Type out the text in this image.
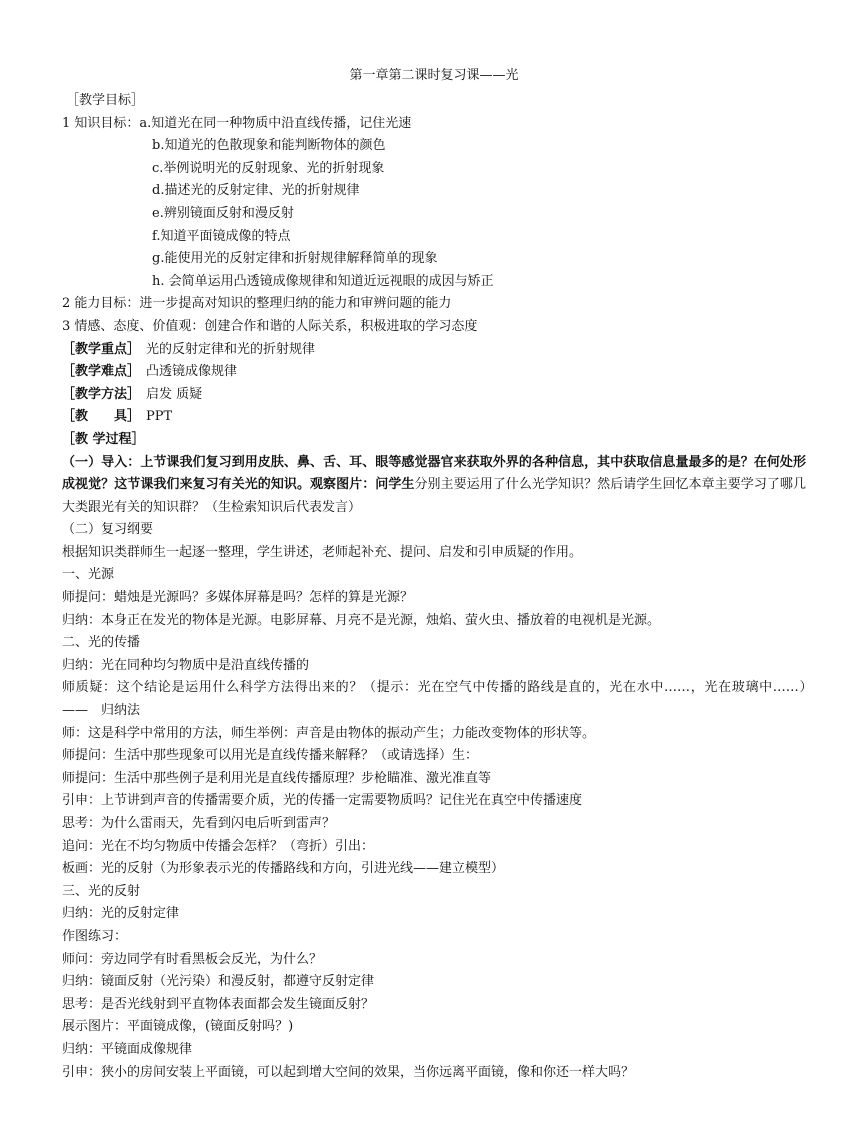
第一章第二课时复习课——光
［教学目标］
1 知识目标：a.知道光在同一种物质中沿直线传播，记住光速
b.知道光的色散现象和能判断物体的颜色
c.举例说明光的反射现象、光的折射现象
d.描述光的反射定律、光的折射规律
e.辨别镜面反射和漫反射
f.知道平面镜成像的特点
g.能使用光的反射定律和折射规律解释简单的现象
h. 会简单运用凸透镜成像规律和知道近远视眼的成因与矫正
2 能力目标：进一步提高对知识的整理归纳的能力和审辨问题的能力
3 情感、态度、价值观：创建合作和谐的人际关系，积极进取的学习态度
［教学重点］ 光的反射定律和光的折射规律
［教学难点］ 凸透镜成像规律
［教学方法］ 启发 质疑
［教　　具］ PPT
［教 学过程］
（一）导入：上节课我们复习到用皮肤、鼻、舌、耳、眼等感觉器官来获取外界的各种信息，其中获取信息量最多的是？在何处形成视觉？这节课我们来复习有关光的知识。观察图片：问学生分别主要运用了什么光学知识？然后请学生回忆本章主要学习了哪几大类跟光有关的知识群？（生检索知识后代表发言）
（二）复习纲要
根据知识类群师生一起逐一整理，学生讲述，老师起补充、提问、启发和引申质疑的作用。
一、光源
师提问：蜡烛是光源吗？多媒体屏幕是吗？怎样的算是光源？
归纳：本身正在发光的物体是光源。电影屏幕、月亮不是光源，烛焰、萤火虫、播放着的电视机是光源。
二、光的传播
归纳：光在同种均匀物质中是沿直线传播的
师质疑：这个结论是运用什么科学方法得出来的？（提示：光在空气中传播的路线是直的，光在水中……，光在玻璃中……）　——　归纳法
师：这是科学中常用的方法，师生举例：声音是由物体的振动产生；力能改变物体的形状等。
师提问：生活中那些现象可以用光是直线传播来解释？（或请选择）生：
师提问：生活中那些例子是利用光是直线传播原理？步枪瞄准、激光准直等
引申：上节讲到声音的传播需要介质，光的传播一定需要物质吗？记住光在真空中传播速度
思考：为什么雷雨天，先看到闪电后听到雷声？
追问：光在不均匀物质中传播会怎样？（弯折）引出：
板画：光的反射（为形象表示光的传播路线和方向，引进光线——建立模型）
三、光的反射
归纳：光的反射定律
作图练习：
师问：旁边同学有时看黑板会反光，为什么？
归纳：镜面反射（光污染）和漫反射，都遵守反射定律
思考：是否光线射到平直物体表面都会发生镜面反射？
展示图片：平面镜成像，(镜面反射吗？)
归纳：平镜面成像规律
引申：狭小的房间安装上平面镜，可以起到增大空间的效果，当你远离平面镜，像和你还一样大吗？
